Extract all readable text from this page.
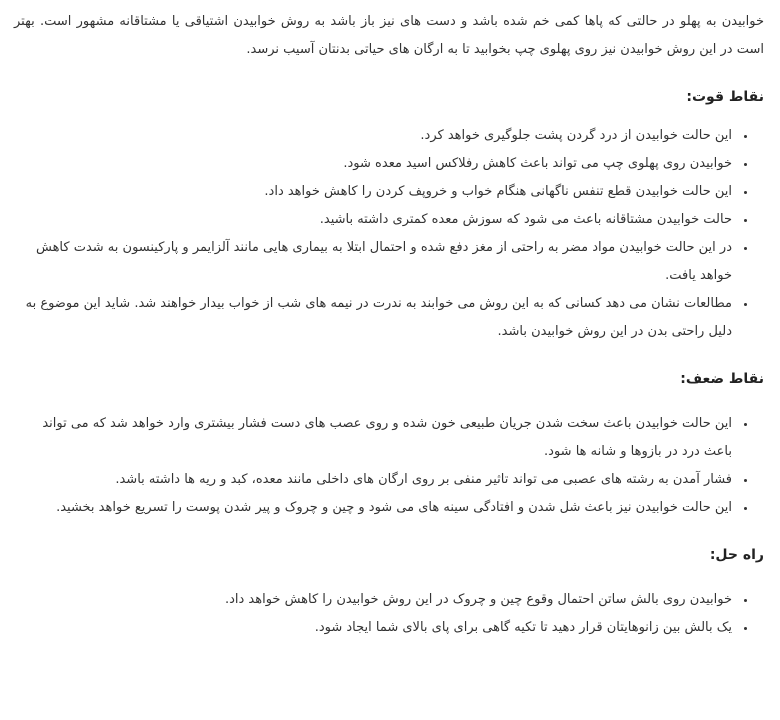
خوابیدن به پهلو در حالتی که پاها کمی خم شده باشد و دست های نیز باز باشد به روش خوابیدن اشتیاقی یا مشتاقانه مشهور است. بهتر است در این روش خوابیدن نیز روی پهلوی چپ بخوابید تا به ارگان های حیاتی بدنتان آسیب نرسد.

نقاط قوت:
• این حالت خوابیدن از درد گردن پشت جلوگیری خواهد کرد.
• خوابیدن روی پهلوی چپ می تواند باعث کاهش رفلاکس اسید معده شود.
• این حالت خوابیدن قطع تنفس ناگهانی هنگام خواب و خروپف کردن را کاهش خواهد داد.
• حالت خوابیدن مشتاقانه باعث می شود که سوزش معده کمتری داشته باشید.
• در این حالت خوابیدن مواد مضر به راحتی از مغز دفع شده و احتمال ابتلا به بیماری هایی مانند آلزایمر و پارکینسون به شدت کاهش خواهد یافت.
• مطالعات نشان می دهد کسانی که به این روش می خوابند به ندرت در نیمه های شب از خواب بیدار خواهند شد. شاید این موضوع به دلیل راحتی بدن در این روش خوابیدن باشد.
نقاط ضعف:
• این حالت خوابیدن باعث سخت شدن جریان طبیعی خون شده و روی عصب های دست فشار بیشتری وارد خواهد شد که می تواند باعث درد در بازوها و شانه ها شود.
• فشار آمدن به رشته های عصبی می تواند تاثیر منفی بر روی ارگان های داخلی مانند معده، کبد و ریه ها داشته باشد.
• این حالت خوابیدن نیز باعث شل شدن و افتادگی سینه های می شود و چین و چروک و پیر شدن پوست را تسریع خواهد بخشید.
راه حل:
• خوابیدن روی بالش ساتن احتمال وقوع چین و چروک در این روش خوابیدن را کاهش خواهد داد.
• یک بالش بین زانوهایتان قرار دهید تا تکیه گاهی برای پای بالای شما ایجاد شود.
